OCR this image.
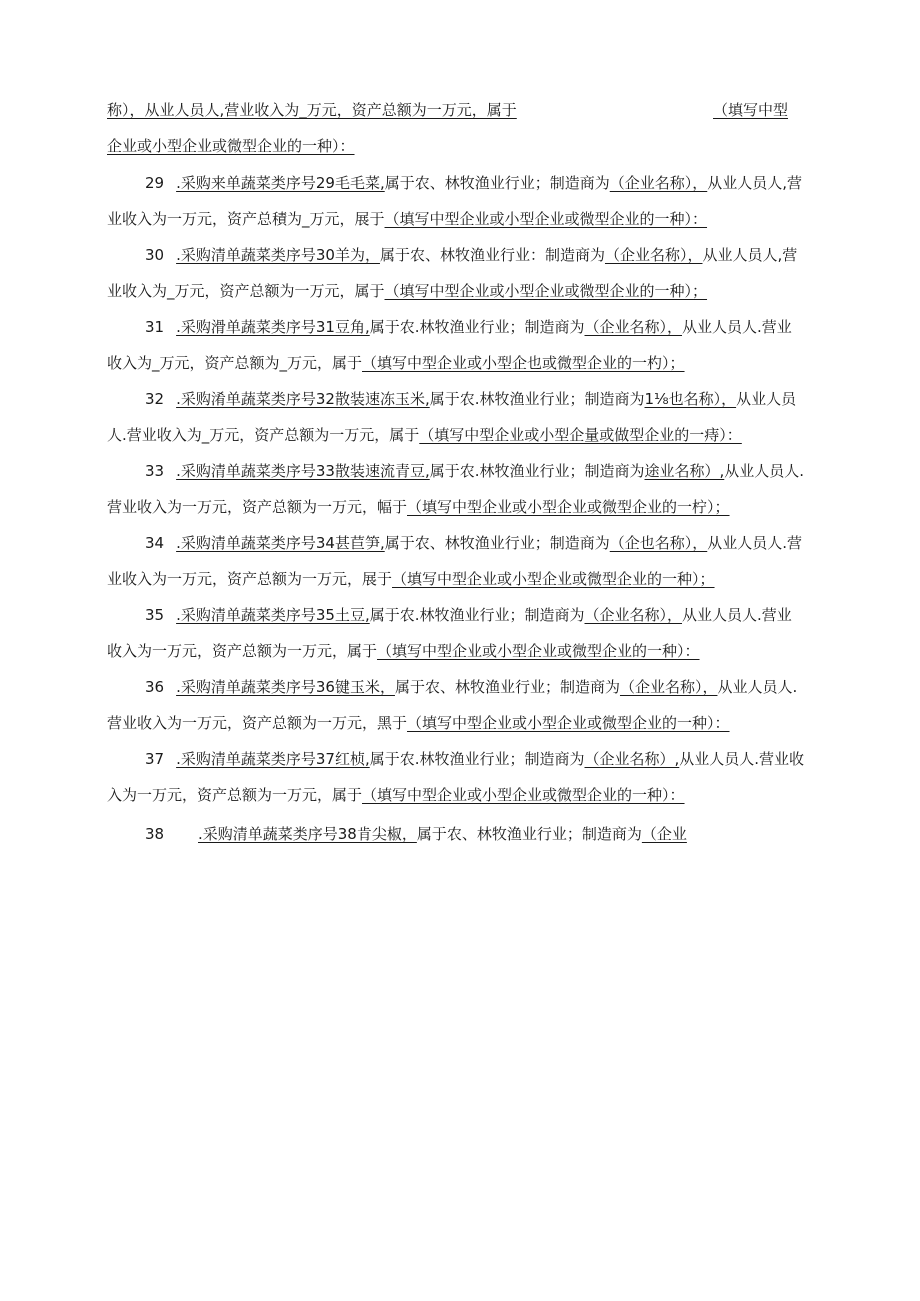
称），从业人员人,营业收入为_万元，资产总额为一万元，属于	（填写中型
企业或小型企业或微型企业的一种）：
29 .采购来单蔬菜类序号29毛毛菜,属于农、林牧渔业行业；制造商为（企业名称），从业人员人,营
业收入为一万元，资产总積为_万元，展于（填写中型企业或小型企业或微型企业的一种）：
30 .采购清单蔬菜类序号30羊为，属于农、林牧渔业行业：制造商为（企业名称），从业人员人,营
业收入为_万元，资产总额为一万元，属于（填写中型企业或小型企业或微型企业的一种）；
31 .采购滑单蔬菜类序号31豆角,属于农.林牧渔业行业；制造商为（企业名称），从业人员人.营业
收入为_万元，资产总额为_万元，属于（填写中型企业或小型企也或微型企业的一杓）；
32 .采购淆单蔬菜类序号32散装速冻玉米,属于农.林牧渔业行业；制造商为1⅛也名称），从业人员
人.营业收入为_万元，资产总额为一万元，属于（填写中型企业或小型企量或做型企业的一痔）：
33 .采购清单蔬菜类序号33散装速流青豆,属于农.林牧渔业行业；制造商为途业名称）,从业人员人.
营业收入为一万元，资产总额为一万元，幅于（填写中型企业或小型企业或微型企业的一柠）；
34 .采购清单蔬菜类序号34甚苣笋,属于农、林牧渔业行业；制造商为（企也名称），从业人员人.营
业收入为一万元，资产总额为一万元，展于（填写中型企业或小型企业或微型企业的一种）；
35 .采购清单蔬菜类序号35土豆,属于农.林牧渔业行业；制造商为（企业名称），从业人员人.营业
收入为一万元，资产总额为一万元，属于（填写中型企业或小型企业或微型企业的一种）：
36 .采购清单蔬菜类序号36键玉米，属于农、林牧渔业行业；制造商为（企业名称），从业人员人.
营业收入为一万元，资产总额为一万元，黑于（填写中型企业或小型企业或微型企业的一种）：
37 .采购清单蔬菜类序号37红桢,属于农.林牧渔业行业；制造商为（企业名称）,从业人员人.营业收
入为一万元，资产总额为一万元，属于（填写中型企业或小型企业或微型企业的一种）：
38 .采购清单蔬菜类序号38肯尖椒，属于农、林牧渔业行业；制造商为（企业
